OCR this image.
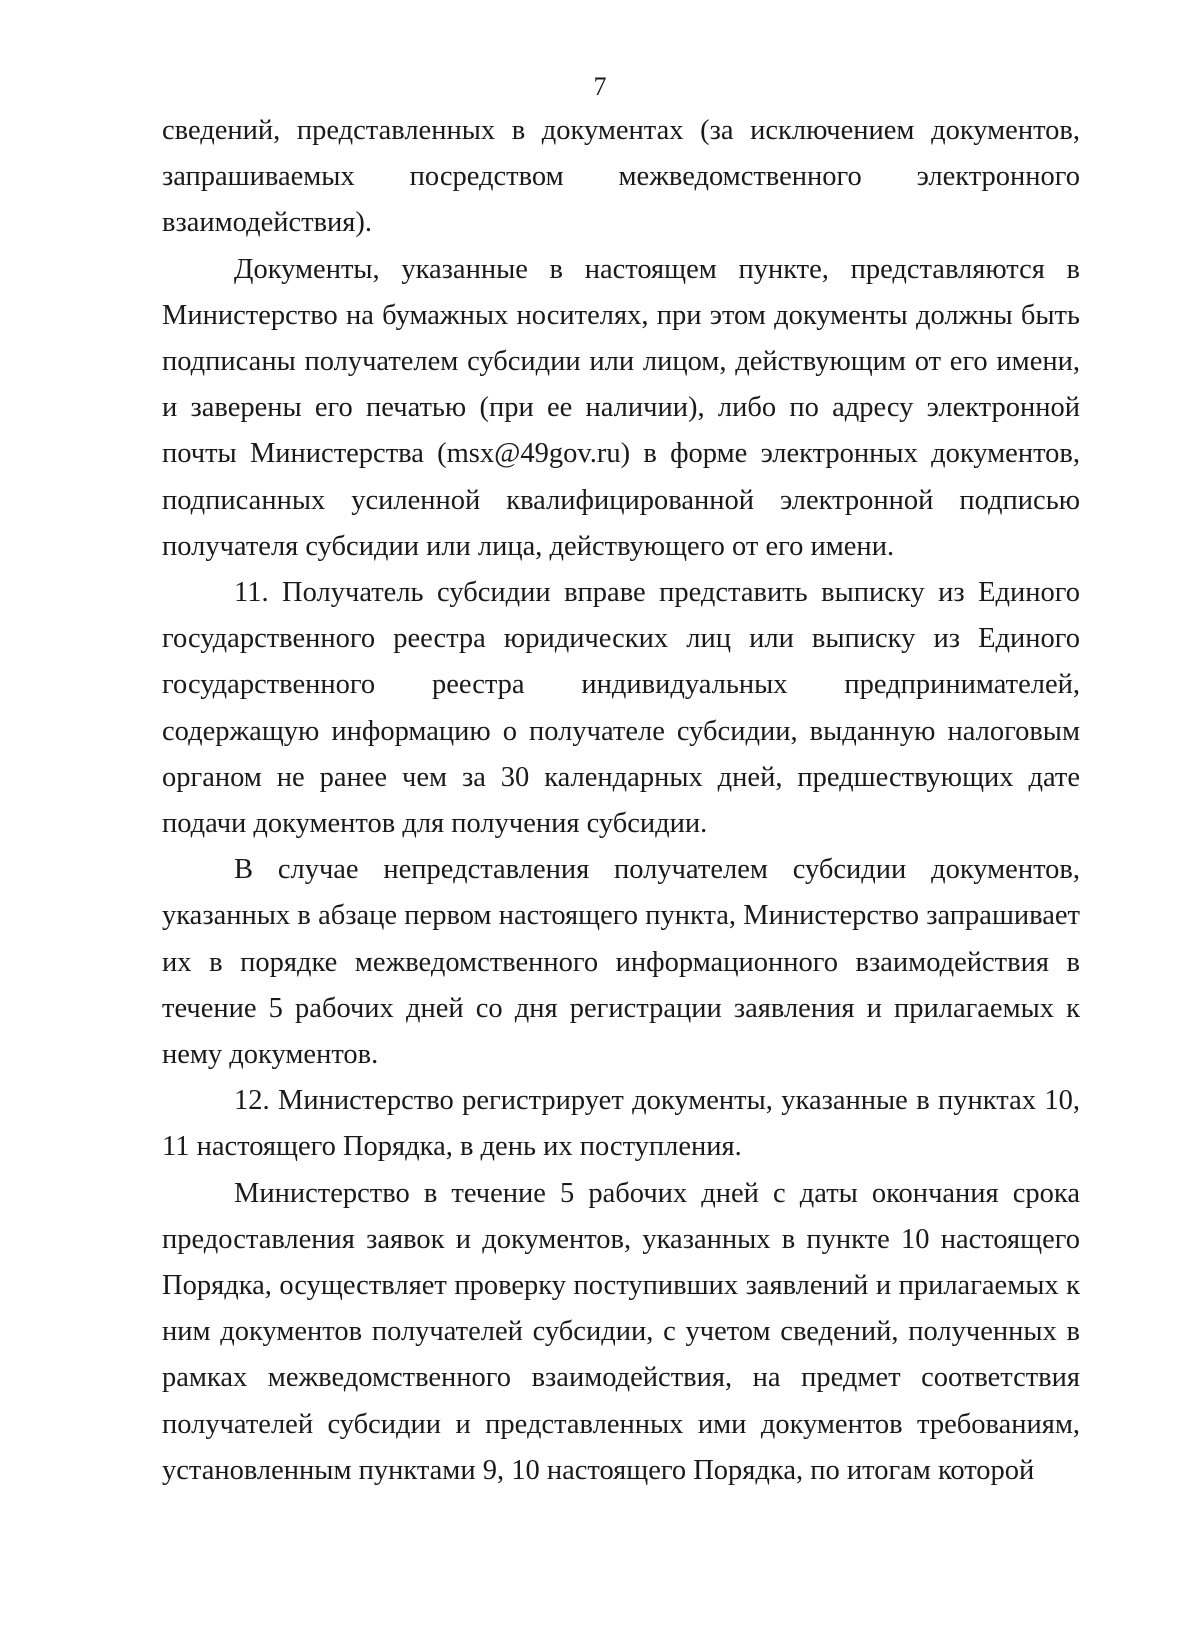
7

сведений, представленных в документах (за исключением документов, запрашиваемых посредством межведомственного электронного взаимодействия).

Документы, указанные в настоящем пункте, представляются в Министерство на бумажных носителях, при этом документы должны быть подписаны получателем субсидии или лицом, действующим от его имени, и заверены его печатью (при ее наличии), либо по адресу электронной почты Министерства (msx@49gov.ru) в форме электронных документов, подписанных усиленной квалифицированной электронной подписью получателя субсидии или лица, действующего от его имени.

11. Получатель субсидии вправе представить выписку из Единого государственного реестра юридических лиц или выписку из Единого государственного реестра индивидуальных предпринимателей, содержащую информацию о получателе субсидии, выданную налоговым органом не ранее чем за 30 календарных дней, предшествующих дате подачи документов для получения субсидии.

В случае непредставления получателем субсидии документов, указанных в абзаце первом настоящего пункта, Министерство запрашивает их в порядке межведомственного информационного взаимодействия в течение 5 рабочих дней со дня регистрации заявления и прилагаемых к нему документов.

12. Министерство регистрирует документы, указанные в пунктах 10, 11 настоящего Порядка, в день их поступления.

Министерство в течение 5 рабочих дней с даты окончания срока предоставления заявок и документов, указанных в пункте 10 настоящего Порядка, осуществляет проверку поступивших заявлений и прилагаемых к ним документов получателей субсидии, с учетом сведений, полученных в рамках межведомственного взаимодействия, на предмет соответствия получателей субсидии и представленных ими документов требованиям, установленным пунктами 9, 10 настоящего Порядка, по итогам которой
